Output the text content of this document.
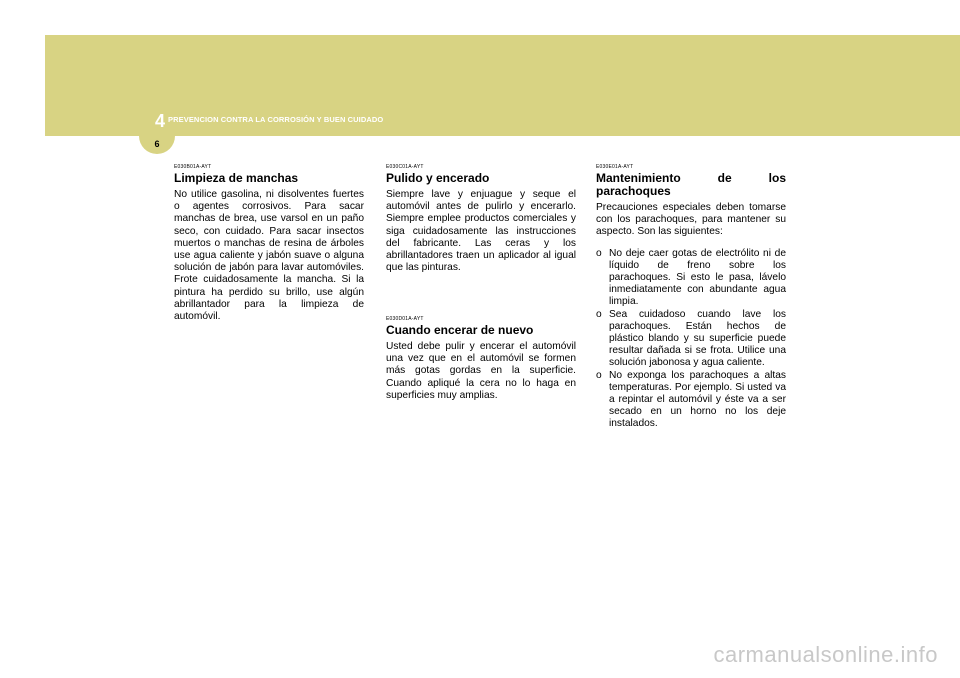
4 PREVENCION CONTRA LA CORROSIÓN Y BUEN CUIDADO
6
E030B01A-AYT
Limpieza de manchas

No utilice gasolina, ni disolventes fuertes o agentes corrosivos. Para sacar manchas de brea, use varsol en un paño seco, con cuidado. Para sacar insectos muertos o manchas de resina de árboles use agua caliente y jabón suave o alguna solución de jabón para lavar automóviles. Frote cuidadosamente la mancha. Si la pintura ha perdido su brillo, use algún abrillantador para la limpieza de automóvil.

E030C01A-AYT
Pulido y encerado

Siempre lave y enjuague y seque el automóvil antes de pulirlo y encerarlo. Siempre emplee productos comerciales y siga cuidadosamente las instrucciones del fabricante. Las ceras y los abrillantadores traen un aplicador al igual que las pinturas.

E030D01A-AYT
Cuando encerar de nuevo

Usted debe pulir y encerar el automóvil una vez que en el automóvil se formen más gotas gordas en la superficie. Cuando apliqué la cera no lo haga en superficies muy amplias.

E030E01A-AYT
Mantenimiento de los parachoques

Precauciones especiales deben tomarse con los parachoques, para mantener su aspecto. Son las siguientes:

o No deje caer gotas de electrólito ni de líquido de freno sobre los parachoques. Si esto le pasa, lávelo inmediatamente con abundante agua limpia.
o Sea cuidadoso cuando lave los parachoques. Están hechos de plástico blando y su superficie puede resultar dañada si se frota. Utilice una solución jabonosa y agua caliente.
o No exponga los parachoques a altas temperaturas. Por ejemplo. Si usted va a repintar el automóvil y éste va a ser secado en un horno no los deje instalados.
carmanualsonline.info
